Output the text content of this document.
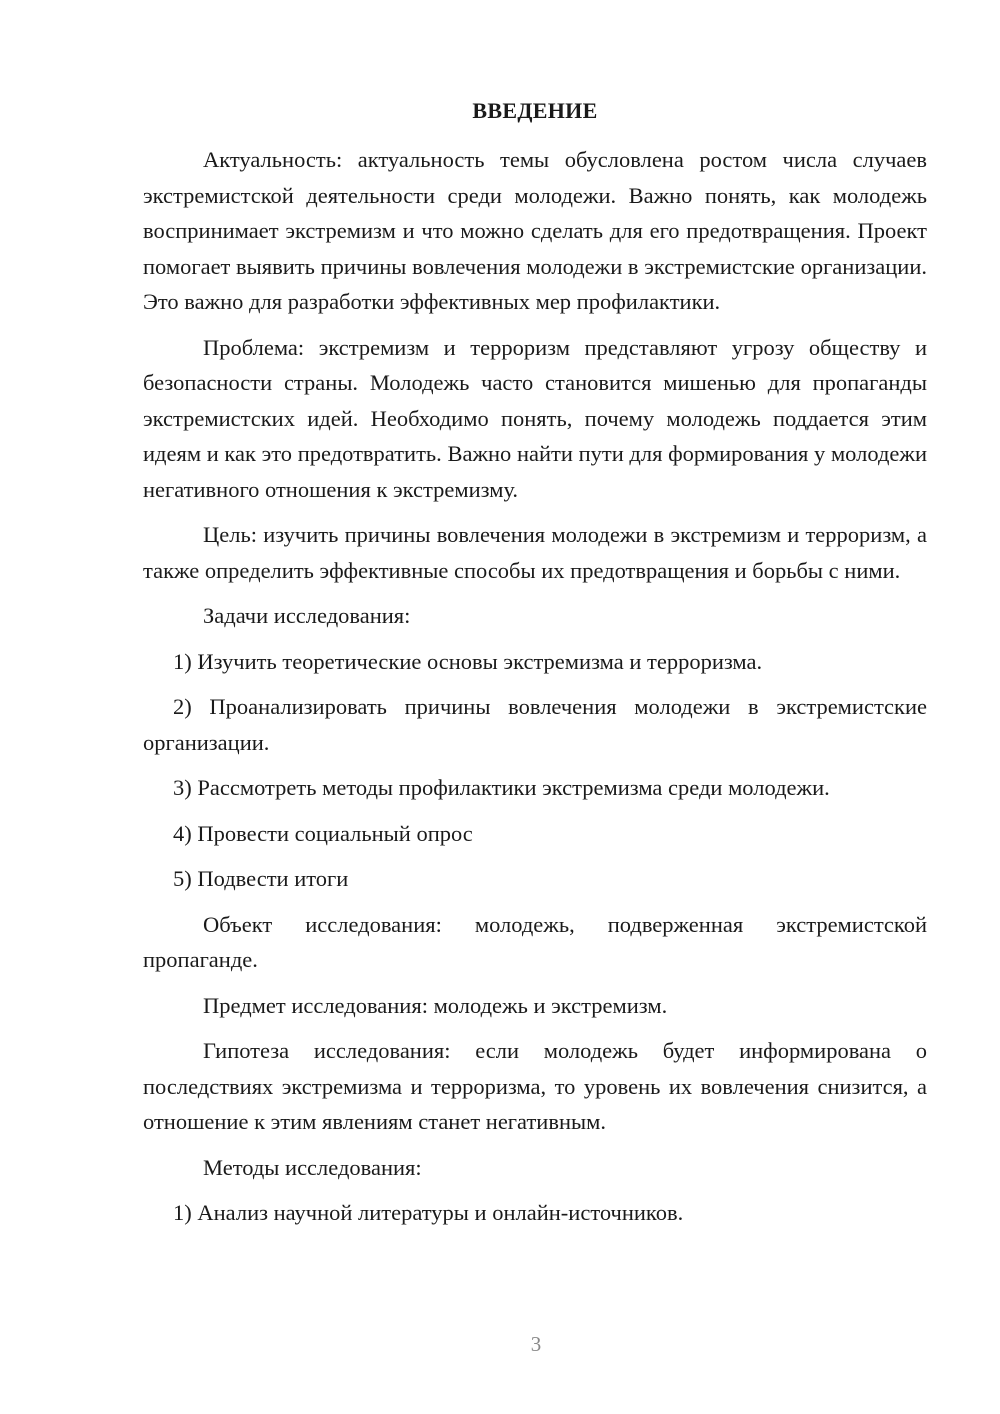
ВВЕДЕНИЕ

Актуальность: актуальность темы обусловлена ростом числа случаев экстремистской деятельности среди молодежи. Важно понять, как молодежь воспринимает экстремизм и что можно сделать для его предотвращения. Проект помогает выявить причины вовлечения молодежи в экстремистские организации. Это важно для разработки эффективных мер профилактики.

Проблема: экстремизм и терроризм представляют угрозу обществу и безопасности страны. Молодежь часто становится мишенью для пропаганды экстремистских идей. Необходимо понять, почему молодежь поддается этим идеям и как это предотвратить. Важно найти пути для формирования у молодежи негативного отношения к экстремизму.

Цель: изучить причины вовлечения молодежи в экстремизм и терроризм, а также определить эффективные способы их предотвращения и борьбы с ними.

Задачи исследования:

1) Изучить теоретические основы экстремизма и терроризма.

2) Проанализировать причины вовлечения молодежи в экстремистские организации.

3) Рассмотреть методы профилактики экстремизма среди молодежи.

4) Провести социальный опрос

5) Подвести итоги

Объект исследования: молодежь, подверженная экстремистской пропаганде.

Предмет исследования: молодежь и экстремизм.

Гипотеза исследования: если молодежь будет информирована о последствиях экстремизма и терроризма, то уровень их вовлечения снизится, а отношение к этим явлениям станет негативным.

Методы исследования:

1) Анализ научной литературы и онлайн-источников.

3
